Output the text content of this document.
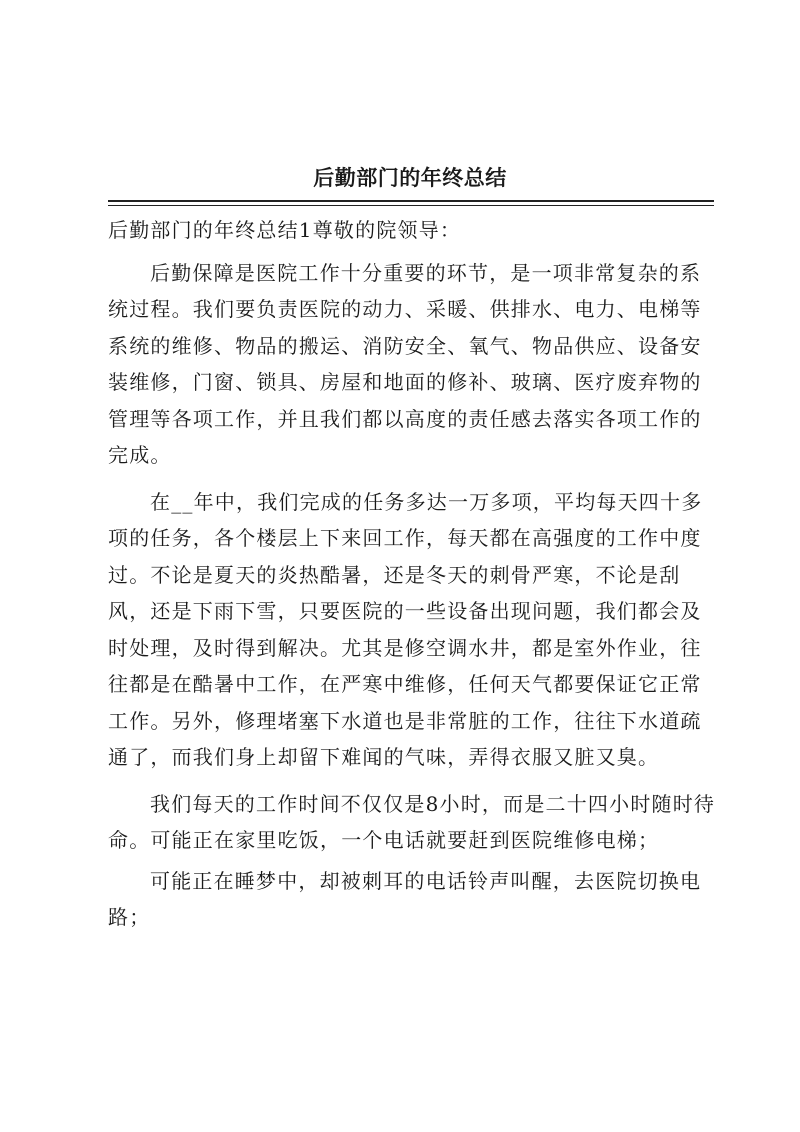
后勤部门的年终总结

后勤部门的年终总结1尊敬的院领导：

后勤保障是医院工作十分重要的环节，是一项非常复杂的系统过程。我们要负责医院的动力、采暖、供排水、电力、电梯等系统的维修、物品的搬运、消防安全、氧气、物品供应、设备安装维修，门窗、锁具、房屋和地面的修补、玻璃、医疗废弃物的管理等各项工作，并且我们都以高度的责任感去落实各项工作的完成。

在__年中，我们完成的任务多达一万多项，平均每天四十多项的任务，各个楼层上下来回工作，每天都在高强度的工作中度过。不论是夏天的炎热酷暑，还是冬天的刺骨严寒，不论是刮风，还是下雨下雪，只要医院的一些设备出现问题，我们都会及时处理，及时得到解决。尤其是修空调水井，都是室外作业，往往都是在酷暑中工作，在严寒中维修，任何天气都要保证它正常工作。另外，修理堵塞下水道也是非常脏的工作，往往下水道疏通了，而我们身上却留下难闻的气味，弄得衣服又脏又臭。

我们每天的工作时间不仅仅是8小时，而是二十四小时随时待命。可能正在家里吃饭，一个电话就要赶到医院维修电梯；

可能正在睡梦中，却被刺耳的电话铃声叫醒，去医院切换电路；
